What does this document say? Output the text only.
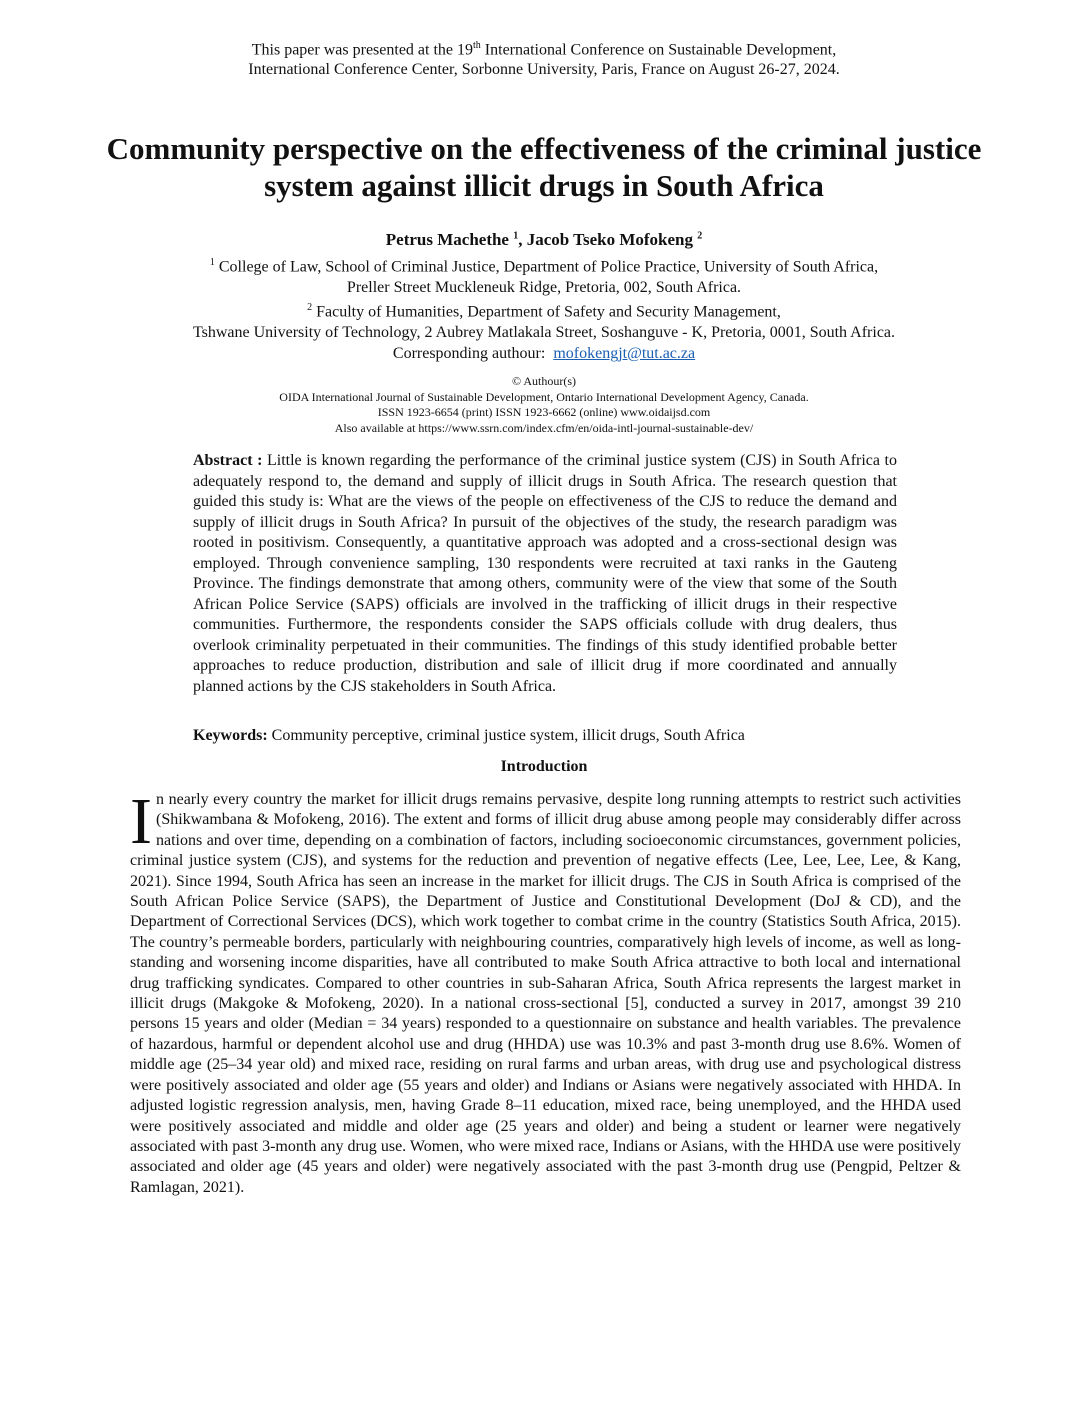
This paper was presented at the 19th International Conference on Sustainable Development,
International Conference Center, Sorbonne University, Paris, France on August 26-27, 2024.
Community perspective on the effectiveness of the criminal justice system against illicit drugs in South Africa
Petrus Machethe $^1$, Jacob Tseko Mofokeng $^2$
$^1$ College of Law, School of Criminal Justice, Department of Police Practice, University of South Africa,
Preller Street Muckleneuk Ridge, Pretoria, 002, South Africa.
$^2$ Faculty of Humanities, Department of Safety and Security Management,
Tshwane University of Technology, 2 Aubrey Matlakala Street, Soshanguve - K, Pretoria, 0001, South Africa.
Corresponding authour:  mofokengjt@tut.ac.za
© Authour(s)
OIDA International Journal of Sustainable Development, Ontario International Development Agency, Canada.
ISSN 1923-6654 (print) ISSN 1923-6662 (online) www.oidaijsd.com
Also available at https://www.ssrn.com/index.cfm/en/oida-intl-journal-sustainable-dev/

Abstract : Little is known regarding the performance of the criminal justice system (CJS) in South Africa to adequately respond to, the demand and supply of illicit drugs in South Africa. The research question that guided this study is: What are the views of the people on effectiveness of the CJS to reduce the demand and supply of illicit drugs in South Africa? In pursuit of the objectives of the study, the research paradigm was rooted in positivism. Consequently, a quantitative approach was adopted and a cross-sectional design was employed. Through convenience sampling, 130 respondents were recruited at taxi ranks in the Gauteng Province. The findings demonstrate that among others, community were of the view that some of the South African Police Service (SAPS) officials are involved in the trafficking of illicit drugs in their respective communities. Furthermore, the respondents consider the SAPS officials collude with drug dealers, thus overlook criminality perpetuated in their communities. The findings of this study identified probable better approaches to reduce production, distribution and sale of illicit drug if more coordinated and annually planned actions by the CJS stakeholders in South Africa.

Keywords: Community perceptive, criminal justice system, illicit drugs, South Africa

Introduction

In nearly every country the market for illicit drugs remains pervasive, despite long running attempts to restrict such activities (Shikwambana & Mofokeng, 2016). The extent and forms of illicit drug abuse among people may considerably differ across nations and over time, depending on a combination of factors, including socioeconomic circumstances, government policies, criminal justice system (CJS), and systems for the reduction and prevention of negative effects (Lee, Lee, Lee, Lee, & Kang, 2021). Since 1994, South Africa has seen an increase in the market for illicit drugs. The CJS in South Africa is comprised of the South African Police Service (SAPS), the Department of Justice and Constitutional Development (DoJ & CD), and the Department of Correctional Services (DCS), which work together to combat crime in the country (Statistics South Africa, 2015). The country’s permeable borders, particularly with neighbouring countries, comparatively high levels of income, as well as long-standing and worsening income disparities, have all contributed to make South Africa attractive to both local and international drug trafficking syndicates. Compared to other countries in sub-Saharan Africa, South Africa represents the largest market in illicit drugs (Makgoke & Mofokeng, 2020). In a national cross-sectional [5], conducted a survey in 2017, amongst 39 210 persons 15 years and older (Median = 34 years) responded to a questionnaire on substance and health variables. The prevalence of hazardous, harmful or dependent alcohol use and drug (HHDA) use was 10.3% and past 3-month drug use 8.6%. Women of middle age (25–34 year old) and mixed race, residing on rural farms and urban areas, with drug use and psychological distress were positively associated and older age (55 years and older) and Indians or Asians were negatively associated with HHDA. In adjusted logistic regression analysis, men, having Grade 8–11 education, mixed race, being unemployed, and the HHDA used were positively associated and middle and older age (25 years and older) and being a student or learner were negatively associated with past 3-month any drug use. Women, who were mixed race, Indians or Asians, with the HHDA use were positively associated and older age (45 years and older) were negatively associated with the past 3-month drug use (Pengpid, Peltzer & Ramlagan, 2021).
